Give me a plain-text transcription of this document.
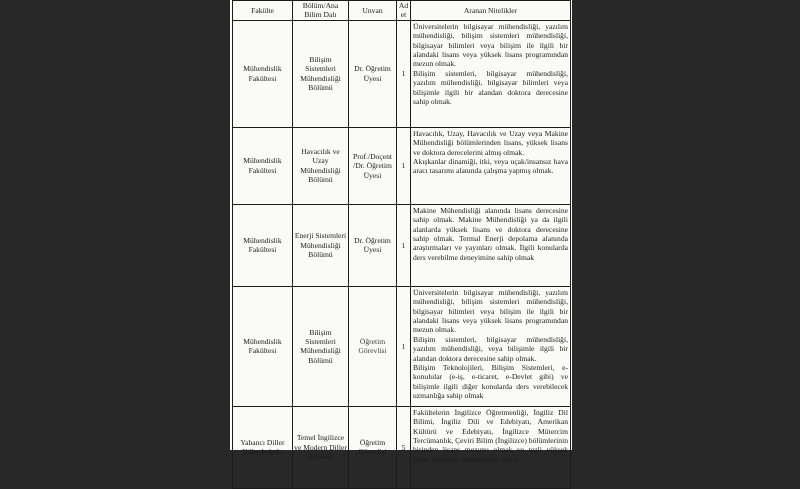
Fakülte	Bölüm/Ana Bilim Dalı	Unvan	Adet	Aranan Nitelikler
Mühendislik Fakültesi	Bilişim Sistemleri Mühendisliği Bölümü	Dr. Öğretim Üyesi	1	Üniversitelerin bilgisayar mühendisliği, yazılım mühendisliği, bilişim sistemleri mühendisliği, bilgisayar bilimleri veya bilişim ile ilgili bir alandaki lisans veya yüksek lisans programından mezun olmak.

Bilişim sistemleri, bilgisayar mühendisliği, yazılım mühendisliği, bilgisayar bilimleri veya bilişimle ilgili bir alandan doktora derecesine sahip olmak.

Mühendislik Fakültesi	Havacılık ve Uzay Mühendisliği Bölümü	Prof./Doçent /Dr. Öğretim Üyesi	1	Havacılık, Uzay, Havacılık ve Uzay veya Makine Mühendisliği bölümlerinden lisans, yüksek lisans ve doktora derecelerini almış olmak.

Akışkanlar dinamiği, itki, veya uçak/insansız hava aracı tasarımı alanında çalışma yapmış olmak.

Mühendislik Fakültesi	Enerji Sistemleri Mühendisliği Bölümü	Dr. Öğretim Üyesi	1	Makine Mühendisliği alanında lisans derecesine sahip olmak. Makine Mühendisliği ya da ilgili alanlarda yüksek lisans ve doktora derecesine sahip olmak. Termal Enerji depolama alanında araştırmaları ve yayınları olmak. İlgili konularda ders verebilme deneyimine sahip olmak

Mühendislik Fakültesi	Bilişim Sistemleri Mühendisliği Bölümü	Öğretim Görevlisi	1	Üniversitelerin bilgisayar mühendisliği, yazılım mühendisliği, bilişim sistemleri mühendisliği, bilgisayar bilimleri veya bilişim ile ilgili bir alandaki lisans veya yüksek lisans programından mezun olmak.

Bilişim sistemleri, bilgisayar mühendisliği, yazılım mühendisliği, veya bilişimle ilgili bir alandan doktora derecesine sahip olmak.

Bilişim Teknolojileri, Bilişim Sistemleri, e-konulular (e-iş, e-ticaret, e-Devlet gibi) ve bilişimle ilgili diğer konularda ders verebilecek uzmanlığa sahip olmak

Yabancı Diller Yüksekokulu	Temel İngilizce ve Modern Diller Bölümü	Öğretim Görevlisi	5	Fakültelerin İngilizce Öğretmenliği, İngiliz Dil Bilimi, İngiliz Dili ve Edebiyatı, Amerikan Kültürü ve Edebiyatı, İngilizce Mütercim Tercümanlık, Çeviri Bilim (İngilizce) bölümlerinin birinden lisans mezunu olmak ve tezli yüksek lisans eğitimini tamamlamış olmak
